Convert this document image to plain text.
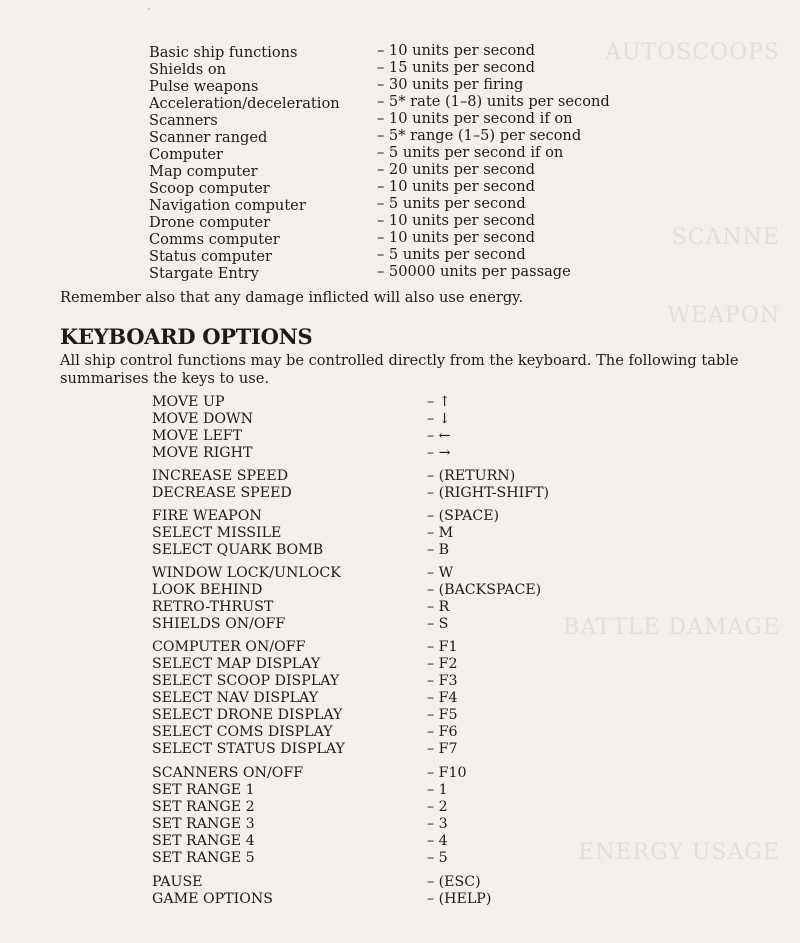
AUTOSCOOPS
SCANNE
WEAPON
BATTLE DAMAGE
ENERGY USAGE
Basic ship functions	– 10 units per second
Shields on	– 15 units per second
Pulse weapons	– 30 units per firing
Acceleration/deceleration	– 5* rate (1–8) units per second
Scanners	– 10 units per second if on
Scanner ranged	– 5* range (1–5) per second
Computer	– 5 units per second if on
Map computer	– 20 units per second
Scoop computer	– 10 units per second
Navigation computer	– 5 units per second
Drone computer	– 10 units per second
Comms computer	– 10 units per second
Status computer	– 5 units per second
Stargate Entry	– 50000 units per passage
Remember also that any damage inflicted will also use energy.
KEYBOARD OPTIONS
All ship control functions may be controlled directly from the keyboard. The following table summarises the keys to use.
MOVE UP	– ↑
MOVE DOWN	– ↓
MOVE LEFT	– ←
MOVE RIGHT	– →
INCREASE SPEED	– (RETURN)
DECREASE SPEED	– (RIGHT-SHIFT)
FIRE WEAPON	– (SPACE)
SELECT MISSILE	– M
SELECT QUARK BOMB	– B
WINDOW LOCK/UNLOCK	– W
LOOK BEHIND	– (BACKSPACE)
RETRO-THRUST	– R
SHIELDS ON/OFF	– S
COMPUTER ON/OFF	– F1
SELECT MAP DISPLAY	– F2
SELECT SCOOP DISPLAY	– F3
SELECT NAV DISPLAY	– F4
SELECT DRONE DISPLAY	– F5
SELECT COMS DISPLAY	– F6
SELECT STATUS DISPLAY	– F7
SCANNERS ON/OFF	– F10
SET RANGE 1	– 1
SET RANGE 2	– 2
SET RANGE 3	– 3
SET RANGE 4	– 4
SET RANGE 5	– 5
PAUSE	– (ESC)
GAME OPTIONS	– (HELP)
